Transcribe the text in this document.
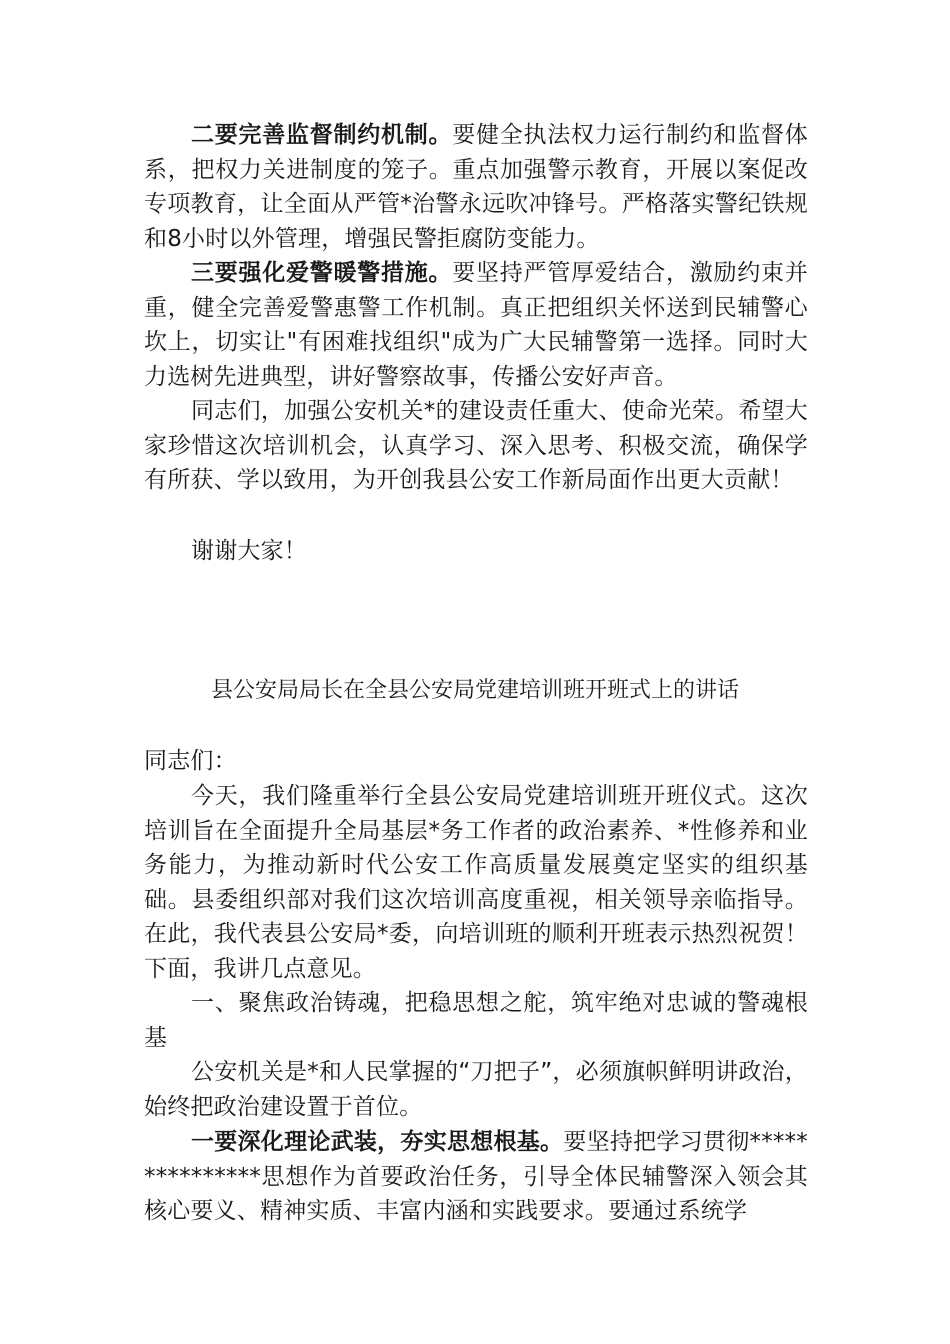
二要完善监督制约机制。要健全执法权力运行制约和监督体系，把权力关进制度的笼子。重点加强警示教育，开展以案促改专项教育，让全面从严管*治警永远吹冲锋号。严格落实警纪铁规和8小时以外管理，增强民警拒腐防变能力。

三要强化爱警暖警措施。要坚持严管厚爱结合，激励约束并重，健全完善爱警惠警工作机制。真正把组织关怀送到民辅警心坎上，切实让"有困难找组织"成为广大民辅警第一选择。同时大力选树先进典型，讲好警察故事，传播公安好声音。

同志们，加强公安机关*的建设责任重大、使命光荣。希望大家珍惜这次培训机会，认真学习、深入思考、积极交流，确保学有所获、学以致用，为开创我县公安工作新局面作出更大贡献！

谢谢大家！

县公安局局长在全县公安局党建培训班开班式上的讲话

同志们：

今天，我们隆重举行全县公安局党建培训班开班仪式。这次培训旨在全面提升全局基层*务工作者的政治素养、*性修养和业务能力，为推动新时代公安工作高质量发展奠定坚实的组织基础。县委组织部对我们这次培训高度重视，相关领导亲临指导。在此，我代表县公安局*委，向培训班的顺利开班表示热烈祝贺！下面，我讲几点意见。

一、聚焦政治铸魂，把稳思想之舵，筑牢绝对忠诚的警魂根基

公安机关是*和人民掌握的“刀把子”，必须旗帜鲜明讲政治，始终把政治建设置于首位。

一要深化理论武装，夯实思想根基。要坚持把学习贯彻***************思想作为首要政治任务，引导全体民辅警深入领会其核心要义、精神实质、丰富内涵和实践要求。要通过系统学
